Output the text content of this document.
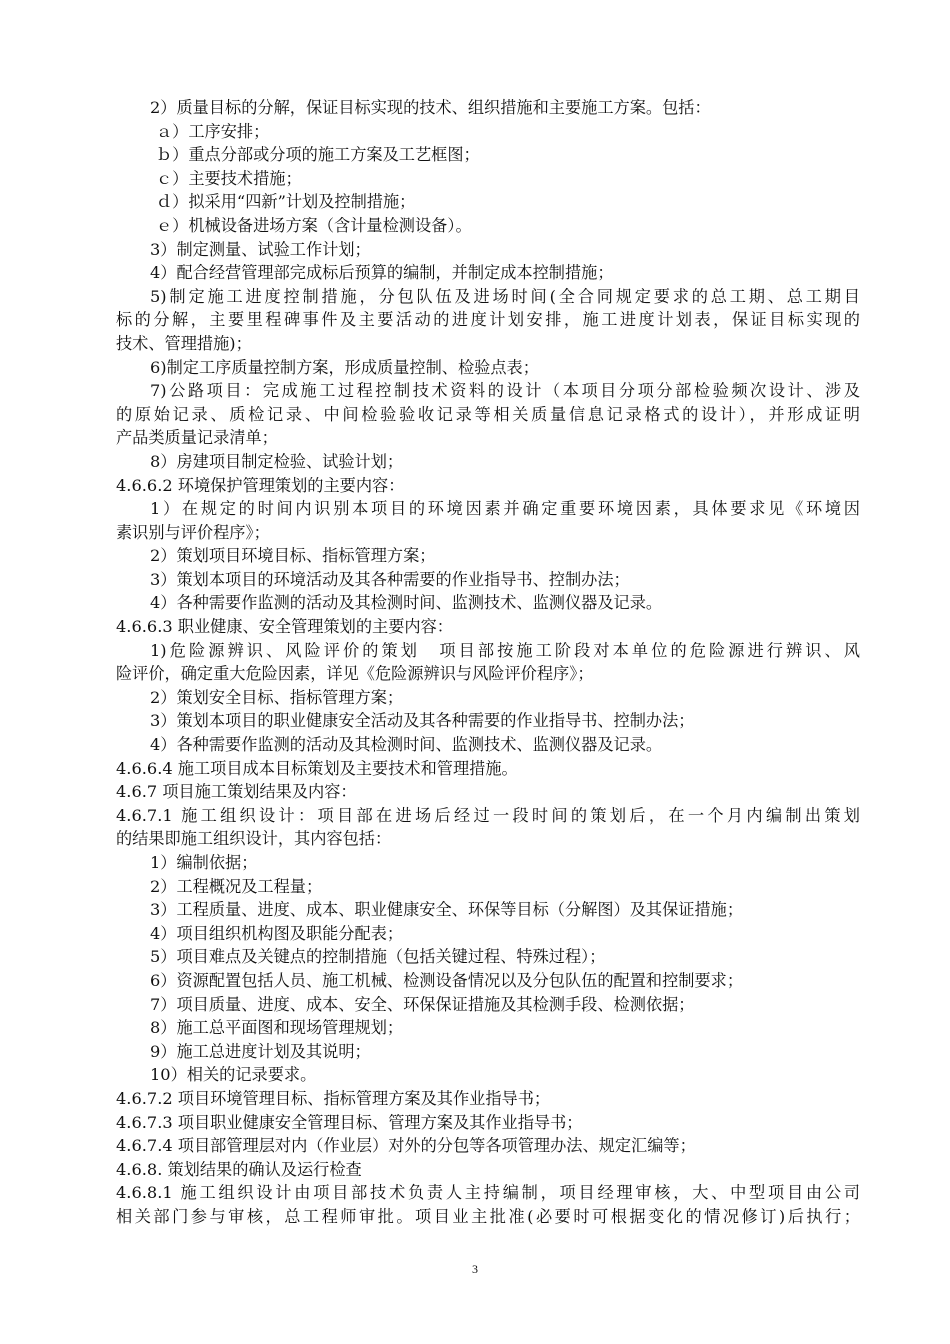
2）质量目标的分解，保证目标实现的技术、组织措施和主要施工方案。包括：
ａ）工序安排；
ｂ）重点分部或分项的施工方案及工艺框图；
ｃ）主要技术措施；
ｄ）拟采用“四新”计划及控制措施；
ｅ）机械设备进场方案（含计量检测设备）。
3）制定测量、试验工作计划；
4）配合经营管理部完成标后预算的编制，并制定成本控制措施；
5)制定施工进度控制措施，分包队伍及进场时间(全合同规定要求的总工期、总工期目
标的分解，主要里程碑事件及主要活动的进度计划安排，施工进度计划表，保证目标实现的
技术、管理措施)；
6)制定工序质量控制方案，形成质量控制、检验点表；
7)公路项目：完成施工过程控制技术资料的设计（本项目分项分部检验频次设计、涉及
的原始记录、质检记录、中间检验验收记录等相关质量信息记录格式的设计），并形成证明
产品类质量记录清单；
8）房建项目制定检验、试验计划；
4.6.6.2 环境保护管理策划的主要内容：
1）在规定的时间内识别本项目的环境因素并确定重要环境因素，具体要求见《环境因
素识别与评价程序》；
2）策划项目环境目标、指标管理方案；
3）策划本项目的环境活动及其各种需要的作业指导书、控制办法；
4）各种需要作监测的活动及其检测时间、监测技术、监测仪器及记录。
4.6.6.3 职业健康、安全管理策划的主要内容：
1)危险源辨识、风险评价的策划　项目部按施工阶段对本单位的危险源进行辨识、风
险评价，确定重大危险因素，详见《危险源辨识与风险评价程序》；
2）策划安全目标、指标管理方案；
3）策划本项目的职业健康安全活动及其各种需要的作业指导书、控制办法；
4）各种需要作监测的活动及其检测时间、监测技术、监测仪器及记录。
4.6.6.4 施工项目成本目标策划及主要技术和管理措施。
4.6.7 项目施工策划结果及内容：
4.6.7.1 施工组织设计：项目部在进场后经过一段时间的策划后，在一个月内编制出策划
的结果即施工组织设计，其内容包括：
1）编制依据；
2）工程概况及工程量；
3）工程质量、进度、成本、职业健康安全、环保等目标（分解图）及其保证措施；
4）项目组织机构图及职能分配表；
5）项目难点及关键点的控制措施（包括关键过程、特殊过程）；
6）资源配置包括人员、施工机械、检测设备情况以及分包队伍的配置和控制要求；
7）项目质量、进度、成本、安全、环保保证措施及其检测手段、检测依据；
8）施工总平面图和现场管理规划；
9）施工总进度计划及其说明；
10）相关的记录要求。
4.6.7.2 项目环境管理目标、指标管理方案及其作业指导书；
4.6.7.3 项目职业健康安全管理目标、管理方案及其作业指导书；
4.6.7.4 项目部管理层对内（作业层）对外的分包等各项管理办法、规定汇编等；
4.6.8. 策划结果的确认及运行检查
4.6.8.1 施工组织设计由项目部技术负责人主持编制，项目经理审核，大、中型项目由公司
相关部门参与审核，总工程师审批。项目业主批准(必要时可根据变化的情况修订)后执行；
3
